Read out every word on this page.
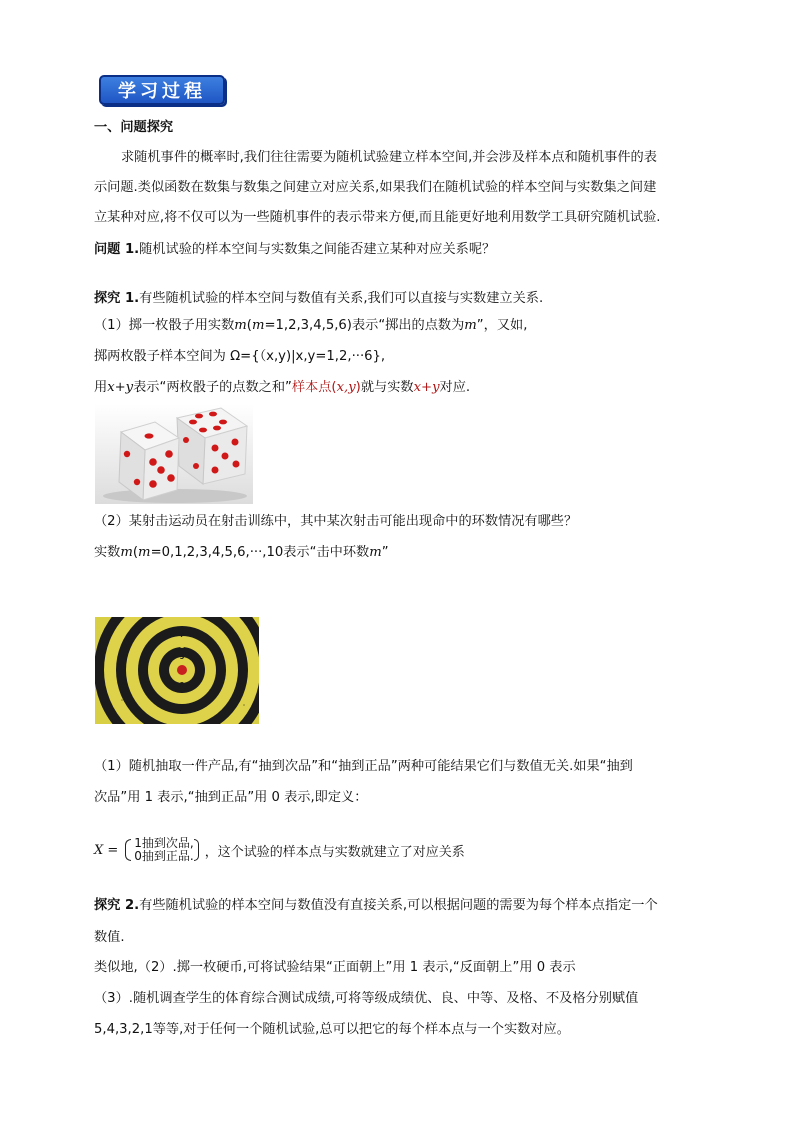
学习过程
一、问题探究
求随机事件的概率时,我们往往需要为随机试验建立样本空间,并会涉及样本点和随机事件的表
示问题.类似函数在数集与数集之间建立对应关系,如果我们在随机试验的样本空间与实数集之间建
立某种对应,将不仅可以为一些随机事件的表示带来方便,而且能更好地利用数学工具研究随机试验.
问题 1.随机试验的样本空间与实数集之间能否建立某种对应关系呢？
探究 1.有些随机试验的样本空间与数值有关系,我们可以直接与实数建立关系.
（1）掷一枚骰子用实数m(m=1,2,3,4,5,6)表示“掷出的点数为m”，又如,
掷两枚骰子样本空间为 Ω={（x,y)|x,y=1,2,···6},
用x+y表示“两枚骰子的点数之和”样本点(x,y)就与实数x+y对应.
（2）某射击运动员在射击训练中，其中某次射击可能出现命中的环数情况有哪些？
实数m(m=0,1,2,3,4,5,6,···,10表示“击中环数m”
6
7
8
9
9
8
7
6
（1）随机抽取一件产品,有“抽到次品”和“抽到正品”两种可能结果它们与数值无关.如果“抽到
次品”用 1 表示,“抽到正品”用 0 表示,即定义：
X = 1抽到次品,
0抽到正品. ，这个试验的样本点与实数就建立了对应关系
探究 2.有些随机试验的样本空间与数值没有直接关系,可以根据问题的需要为每个样本点指定一个
数值.
类似地,（2）.掷一枚硬币,可将试验结果“正面朝上”用 1 表示,“反面朝上”用 0 表示
（3）.随机调查学生的体育综合测试成绩,可将等级成绩优、良、中等、及格、不及格分别赋值
5,4,3,2,1等等,对于任何一个随机试验,总可以把它的每个样本点与一个实数对应。
